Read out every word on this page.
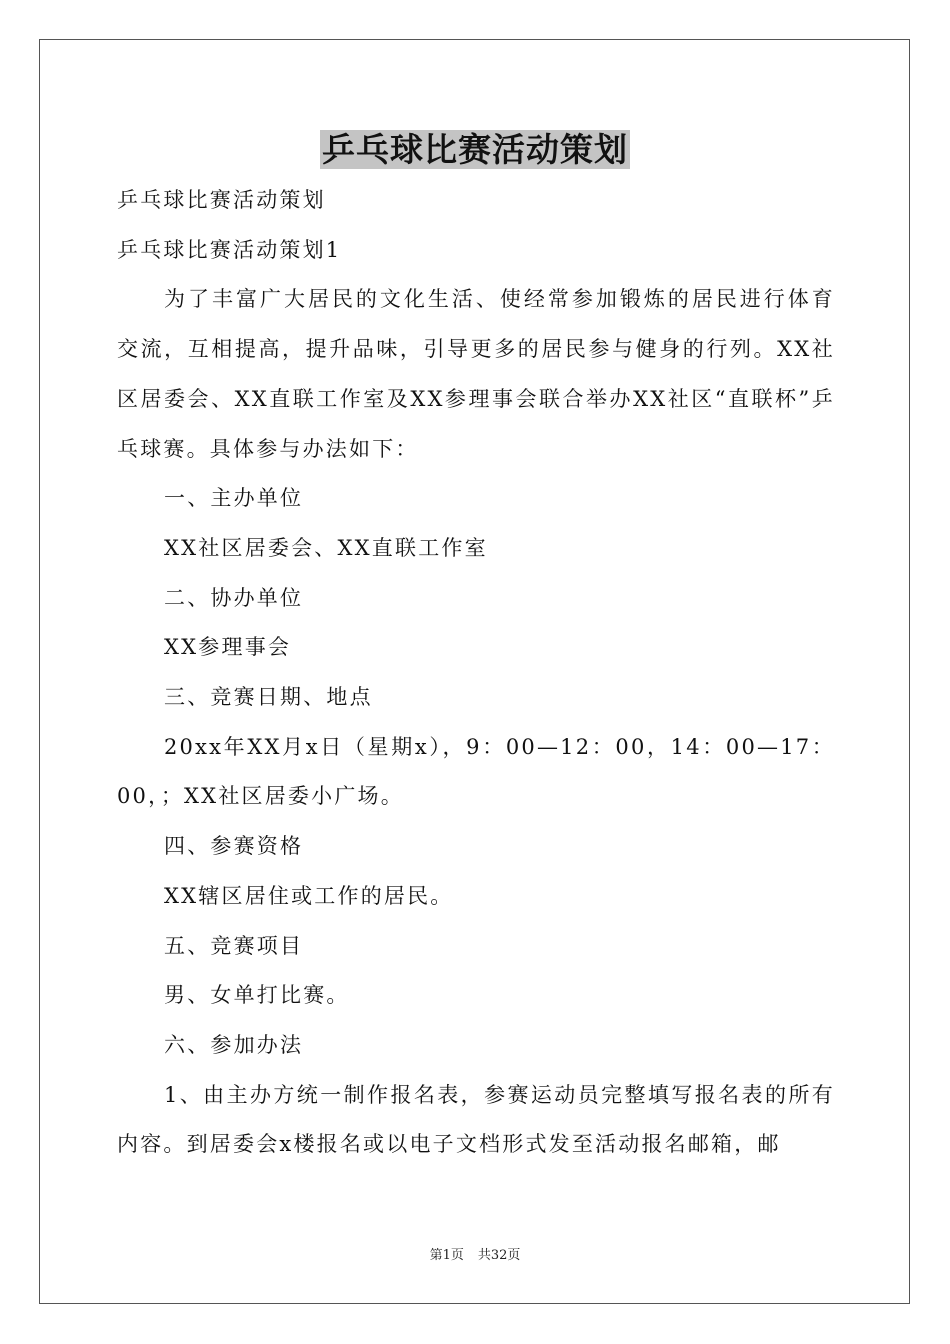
乒乓球比赛活动策划

乒乓球比赛活动策划

乒乓球比赛活动策划1

为了丰富广大居民的文化生活、使经常参加锻炼的居民进行体育交流，互相提高，提升品味，引导更多的居民参与健身的行列。XX社区居委会、XX直联工作室及XX参理事会联合举办XX社区“直联杯”乒乓球赛。具体参与办法如下：

一、主办单位

XX社区居委会、XX直联工作室

二、协办单位

XX参理事会

三、竞赛日期、地点

20xx年XX月x日（星期x），9：00—12：00，14：00—17：00，；XX社区居委小广场。

四、参赛资格

XX辖区居住或工作的居民。

五、竞赛项目

男、女单打比赛。

六、参加办法

1、由主办方统一制作报名表，参赛运动员完整填写报名表的所有内容。到居委会x楼报名或以电子文档形式发至活动报名邮箱，邮

第1页 共32页
